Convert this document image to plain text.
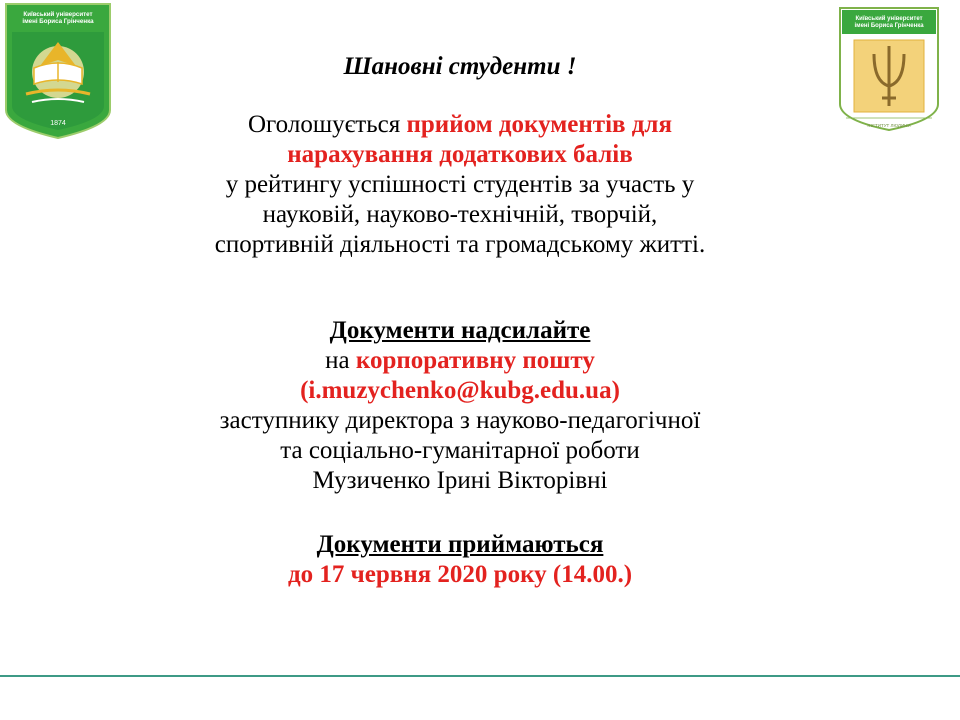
Київський університет
імені Бориса Грінченка
1874
Київський університет
імені Бориса Грінченка
ІНСТИТУТ ЛЮДИНИ

Шановні студенти !

Оголошується прийом документів для

нарахування додаткових балів

у рейтингу успішності студентів за участь у

науковій, науково-технічній, творчій,

спортивній діяльності та громадському житті.

Документи надсилайте

на корпоративну пошту

(i.muzychenko@kubg.edu.ua)

заступнику директора з науково-педагогічної

та соціально-гуманітарної роботи

Музиченко Ірині Вікторівні

Документи приймаються

до 17 червня 2020 року (14.00.)
